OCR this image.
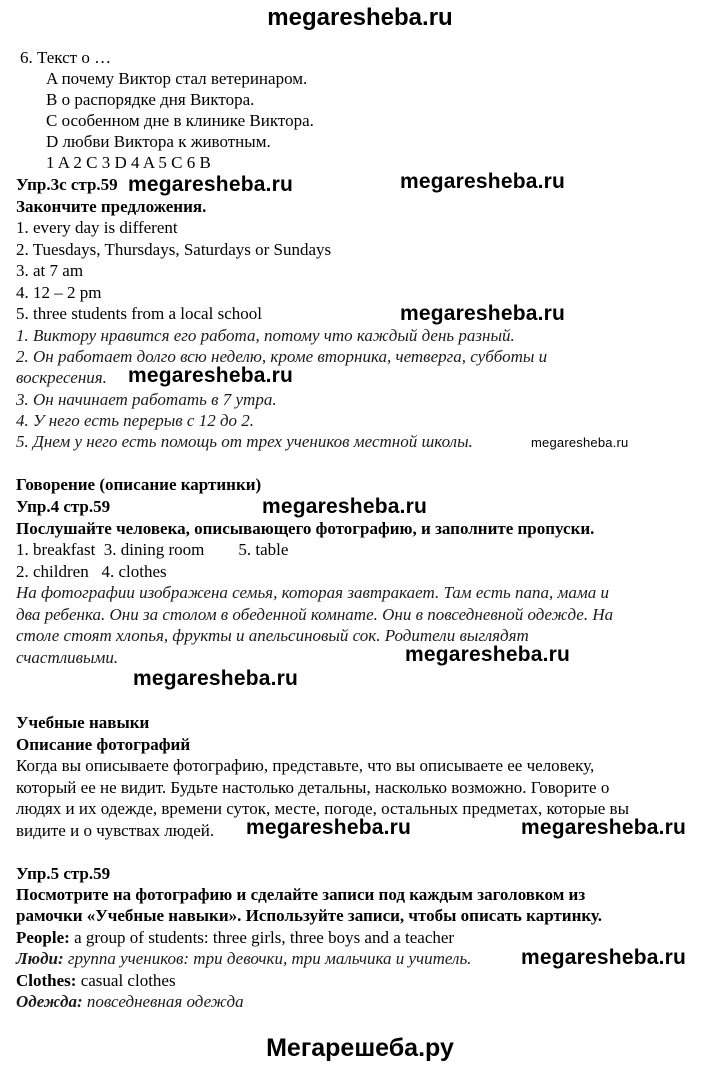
megaresheba.ru
6. Текст о …
A почему Виктор стал ветеринаром.
B о распорядке дня Виктора.
C особенном дне в клинике Виктора.
D любви Виктора к животным.
1 A 2 C 3 D 4 A 5 C 6 B
Упр.3с стр.59 megaresheba.ru	megaresheba.ru
Закончите предложения.
1. every day is different
2. Tuesdays, Thursdays, Saturdays or Sundays
3. at 7 am
4. 12 – 2 pm
5. three students from a local school	megaresheba.ru
1. Виктору нравится его работа, потому что каждый день разный.
2. Он работает долго всю неделю, кроме вторника, четверга, субботы и
воскресения. megaresheba.ru
3. Он начинает работать в 7 утра.
4. У него есть перерыв с 12 до 2.
5. Днем у него есть помощь от трех учеников местной школы.	megaresheba.ru
Говорение (описание картинки)
Упр.4 стр.59	megaresheba.ru
Послушайте человека, описывающего фотографию, и заполните пропуски.
1. breakfast  3. dining room        5. table
2. children   4. clothes
На фотографии изображена семья, которая завтракает. Там есть папа, мама и
два ребенка. Они за столом в обеденной комнате. Они в повседневной одежде. На
столе стоят хлопья, фрукты и апельсиновый сок. Родители выглядят
счастливыми.	megaresheba.ru
megaresheba.ru
Учебные навыки
Описание фотографий
Когда вы описываете фотографию, представьте, что вы описываете ее человеку,
который ее не видит. Будьте настолько детальны, насколько возможно. Говорите о
людях и их одежде, времени суток, месте, погоде, остальных предметах, которые вы
видите и о чувствах людей. megaresheba.ru	megaresheba.ru
Упр.5 стр.59
Посмотрите на фотографию и сделайте записи под каждым заголовком из
рамочки «Учебные навыки». Используйте записи, чтобы описать картинку.
People: a group of students: three girls, three boys and a teacher
Люди: группа учеников: три девочки, три мальчика и учитель. megaresheba.ru
Clothes: casual clothes
Одежда: повседневная одежда
Мегарешеба.ру
